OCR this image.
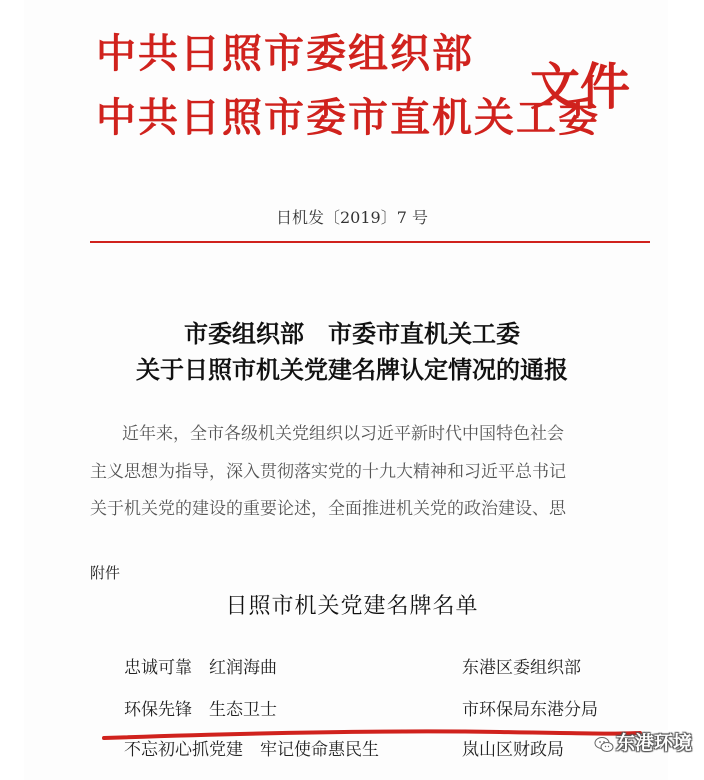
中共日照市委组织部
中共日照市委市直机关工委
文件
日机发〔2019〕7 号
市委组织部　市委市直机关工委
关于日照市机关党建名牌认定情况的通报
近年来，全市各级机关党组织以习近平新时代中国特色社会
主义思想为指导，深入贯彻落实党的十九大精神和习近平总书记
关于机关党的建设的重要论述，全面推进机关党的政治建设、思
附件
日照市机关党建名牌名单
忠诚可靠　红润海曲	东港区委组织部
环保先锋　生态卫士	市环保局东港分局
不忘初心抓党建　牢记使命惠民生	岚山区财政局	东港环境
